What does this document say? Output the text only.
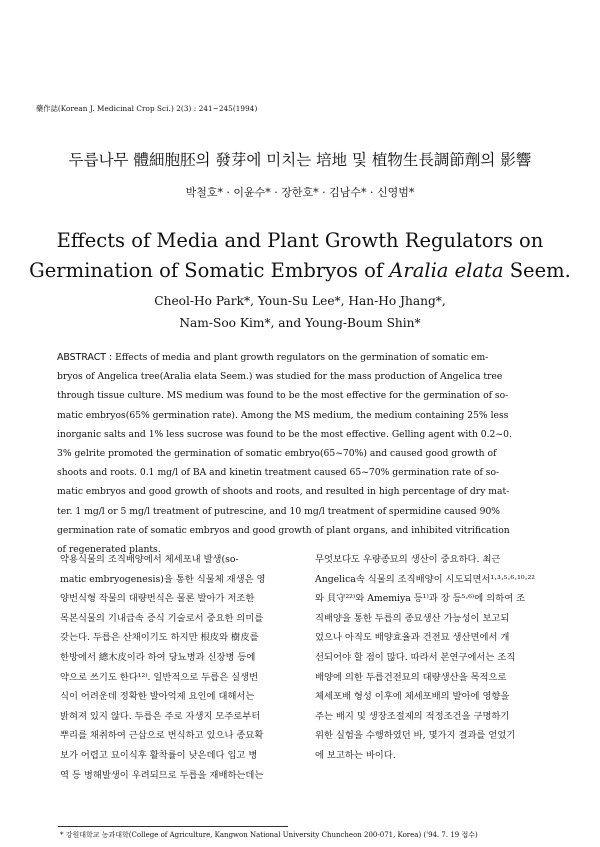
藥作誌(Korean J. Medicinal Crop Sci.) 2(3) : 241~245(1994)
두릅나무 體細胞胚의 發芽에 미치는 培地 및 植物生長調節劑의 影響
박철호* · 이윤수* · 장한호* · 김남수* · 신영범*
Effects of Media and Plant Growth Regulators on
Germination of Somatic Embryos of Aralia elata Seem.
Cheol-Ho Park*, Youn-Su Lee*, Han-Ho Jhang*,
Nam-Soo Kim*, and Young-Boum Shin*
ABSTRACT : Effects of media and plant growth regulators on the germination of somatic em-
bryos of Angelica tree(Aralia elata Seem.) was studied for the mass production of Angelica tree
through tissue culture. MS medium was found to be the most effective for the germination of so-
matic embryos(65% germination rate). Among the MS medium, the medium containing 25% less
inorganic salts and 1% less sucrose was found to be the most effective. Gelling agent with 0.2~0.
3% gelrite promoted the germination of somatic embryo(65~70%) and caused good growth of
shoots and roots. 0.1 mg/l of BA and kinetin treatment caused 65~70% germination rate of so-
matic embryos and good growth of shoots and roots, and resulted in high percentage of dry mat-
ter. 1 mg/l or 5 mg/l treatment of putrescine, and 10 mg/l treatment of spermidine caused 90%
germination rate of somatic embryos and good growth of plant organs, and inhibited vitrification
of regenerated plants.
약용식물의 조직배양에서 체세포내 발생(so-
matic embryogenesis)을 통한 식물체 재생은 영
양번식형 작물의 대량번식은 물론 발아가 저조한
목본식물의 기내급속 증식 기술로서 중요한 의미를
갖는다. 두릅은 산채이기도 하지만 根皮와 樹皮를
한방에서 總木皮이라 하여 당뇨병과 신장병 등에
약으로 쓰기도 한다¹²⁾. 일반적으로 두릅은 실생번
식이 어려운데 정확한 발아억제 요인에 대해서는
밝혀져 있지 않다. 두릅은 주로 자생지 모주로부터
뿌리를 채취하여 근삽으로 번식하고 있으나 종묘확
보가 어렵고 묘이식후 활착률이 낮은데다 입고 병
역 등 병해발생이 우려되므로 두릅을 재배하는데는
무엇보다도 우량종묘의 생산이 중요하다. 최근
Angelica속 식물의 조직배양이 시도되면서¹·³·⁵·⁶·¹⁰·²²
와 貝守²²⁾와 Amemiya 등¹⁾과 장 등⁵·⁶⁾에 의하여 조
직배양을 통한 두릅의 종묘생산 가능성이 보고되
었으나 아직도 배양효율과 건전묘 생산면에서 개
선되어야 할 점이 많다. 따라서 본연구에서는 조직
배양에 의한 두릅건전묘의 대량생산을 목적으로
체세포배 형성 이후에 체세포배의 발아에 영향을
주는 배지 및 생장조절제의 적정조건을 구명하기
위한 실험을 수행하였던 바, 몇가지 결과를 얻었기
에 보고하는 바이다.
* 강원대학교 농과대학(College of Agriculture, Kangwon National University Chuncheon 200-071, Korea) ('94. 7. 19 접수)
